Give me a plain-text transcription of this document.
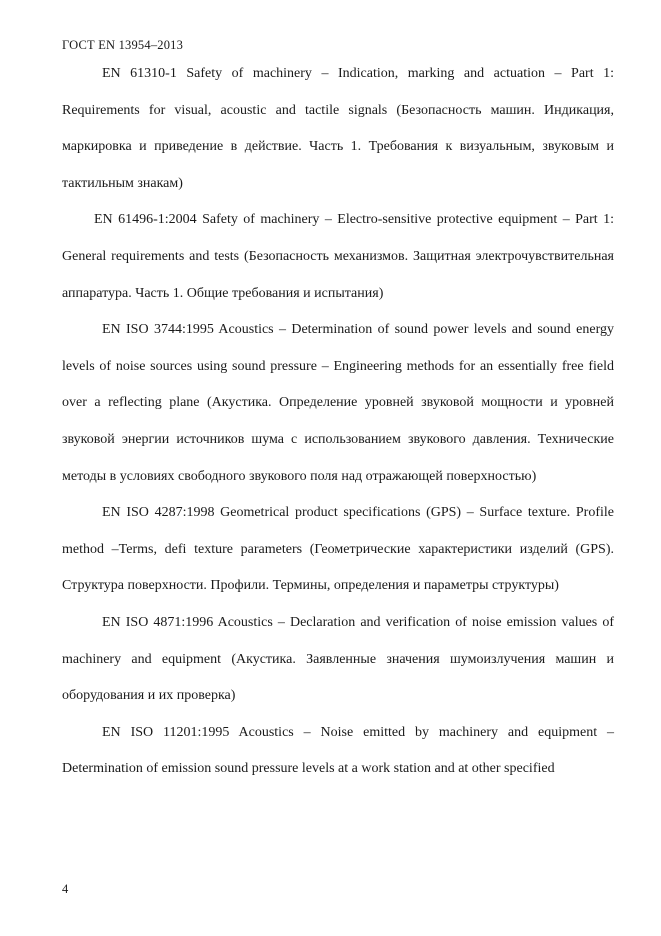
ГОСТ EN 13954–2013

EN 61310-1 Safety of machinery – Indication, marking and actuation – Part 1: Requirements for visual, acoustic and tactile signals (Безопасность машин. Индикация, маркировка и приведение в действие. Часть 1. Требования к визуальным, звуковым и тактильным знакам)

EN 61496-1:2004 Safety of machinery – Electro-sensitive protective equipment – Part 1: General requirements and tests (Безопасность механизмов. Защитная электрочувствительная аппаратура. Часть 1. Общие требования и испытания)

EN ISO 3744:1995 Acoustics – Determination of sound power levels and sound energy levels of noise sources using sound pressure – Engineering methods for an essentially free field over a reflecting plane (Акустика. Определение уровней звуковой мощности и уровней звуковой энергии источников шума с использованием звукового давления. Технические методы в условиях свободного звукового поля над отражающей поверхностью)

EN ISO 4287:1998 Geometrical product specifications (GPS) – Surface texture. Profile method –Terms, defi texture parameters (Геометрические характеристики изделий (GPS). Структура поверхности. Профили. Термины, определения и параметры структуры)

EN ISO 4871:1996 Acoustics – Declaration and verification of noise emission values of machinery and equipment (Акустика. Заявленные значения шумоизлучения машин и оборудования и их проверка)

EN ISO 11201:1995 Acoustics – Noise emitted by machinery and equipment – Determination of emission sound pressure levels at a work station and at other specified

4
